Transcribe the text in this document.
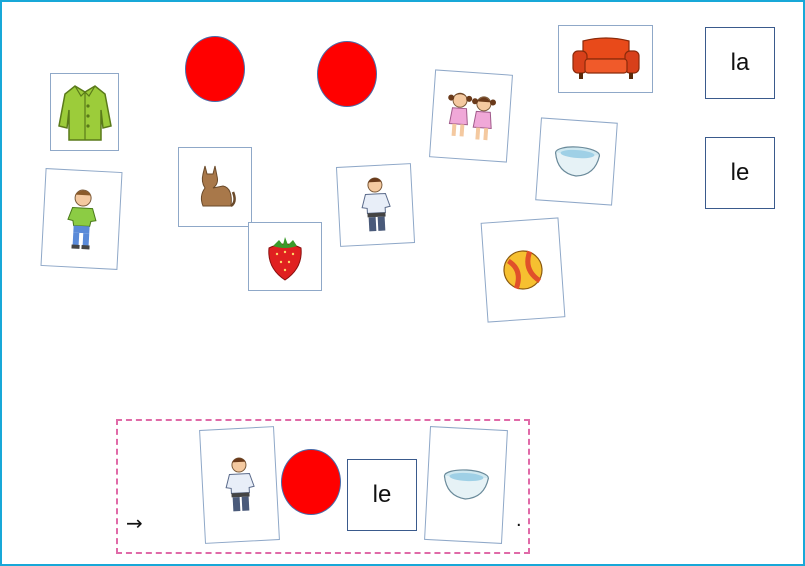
la
le
→
le
.
